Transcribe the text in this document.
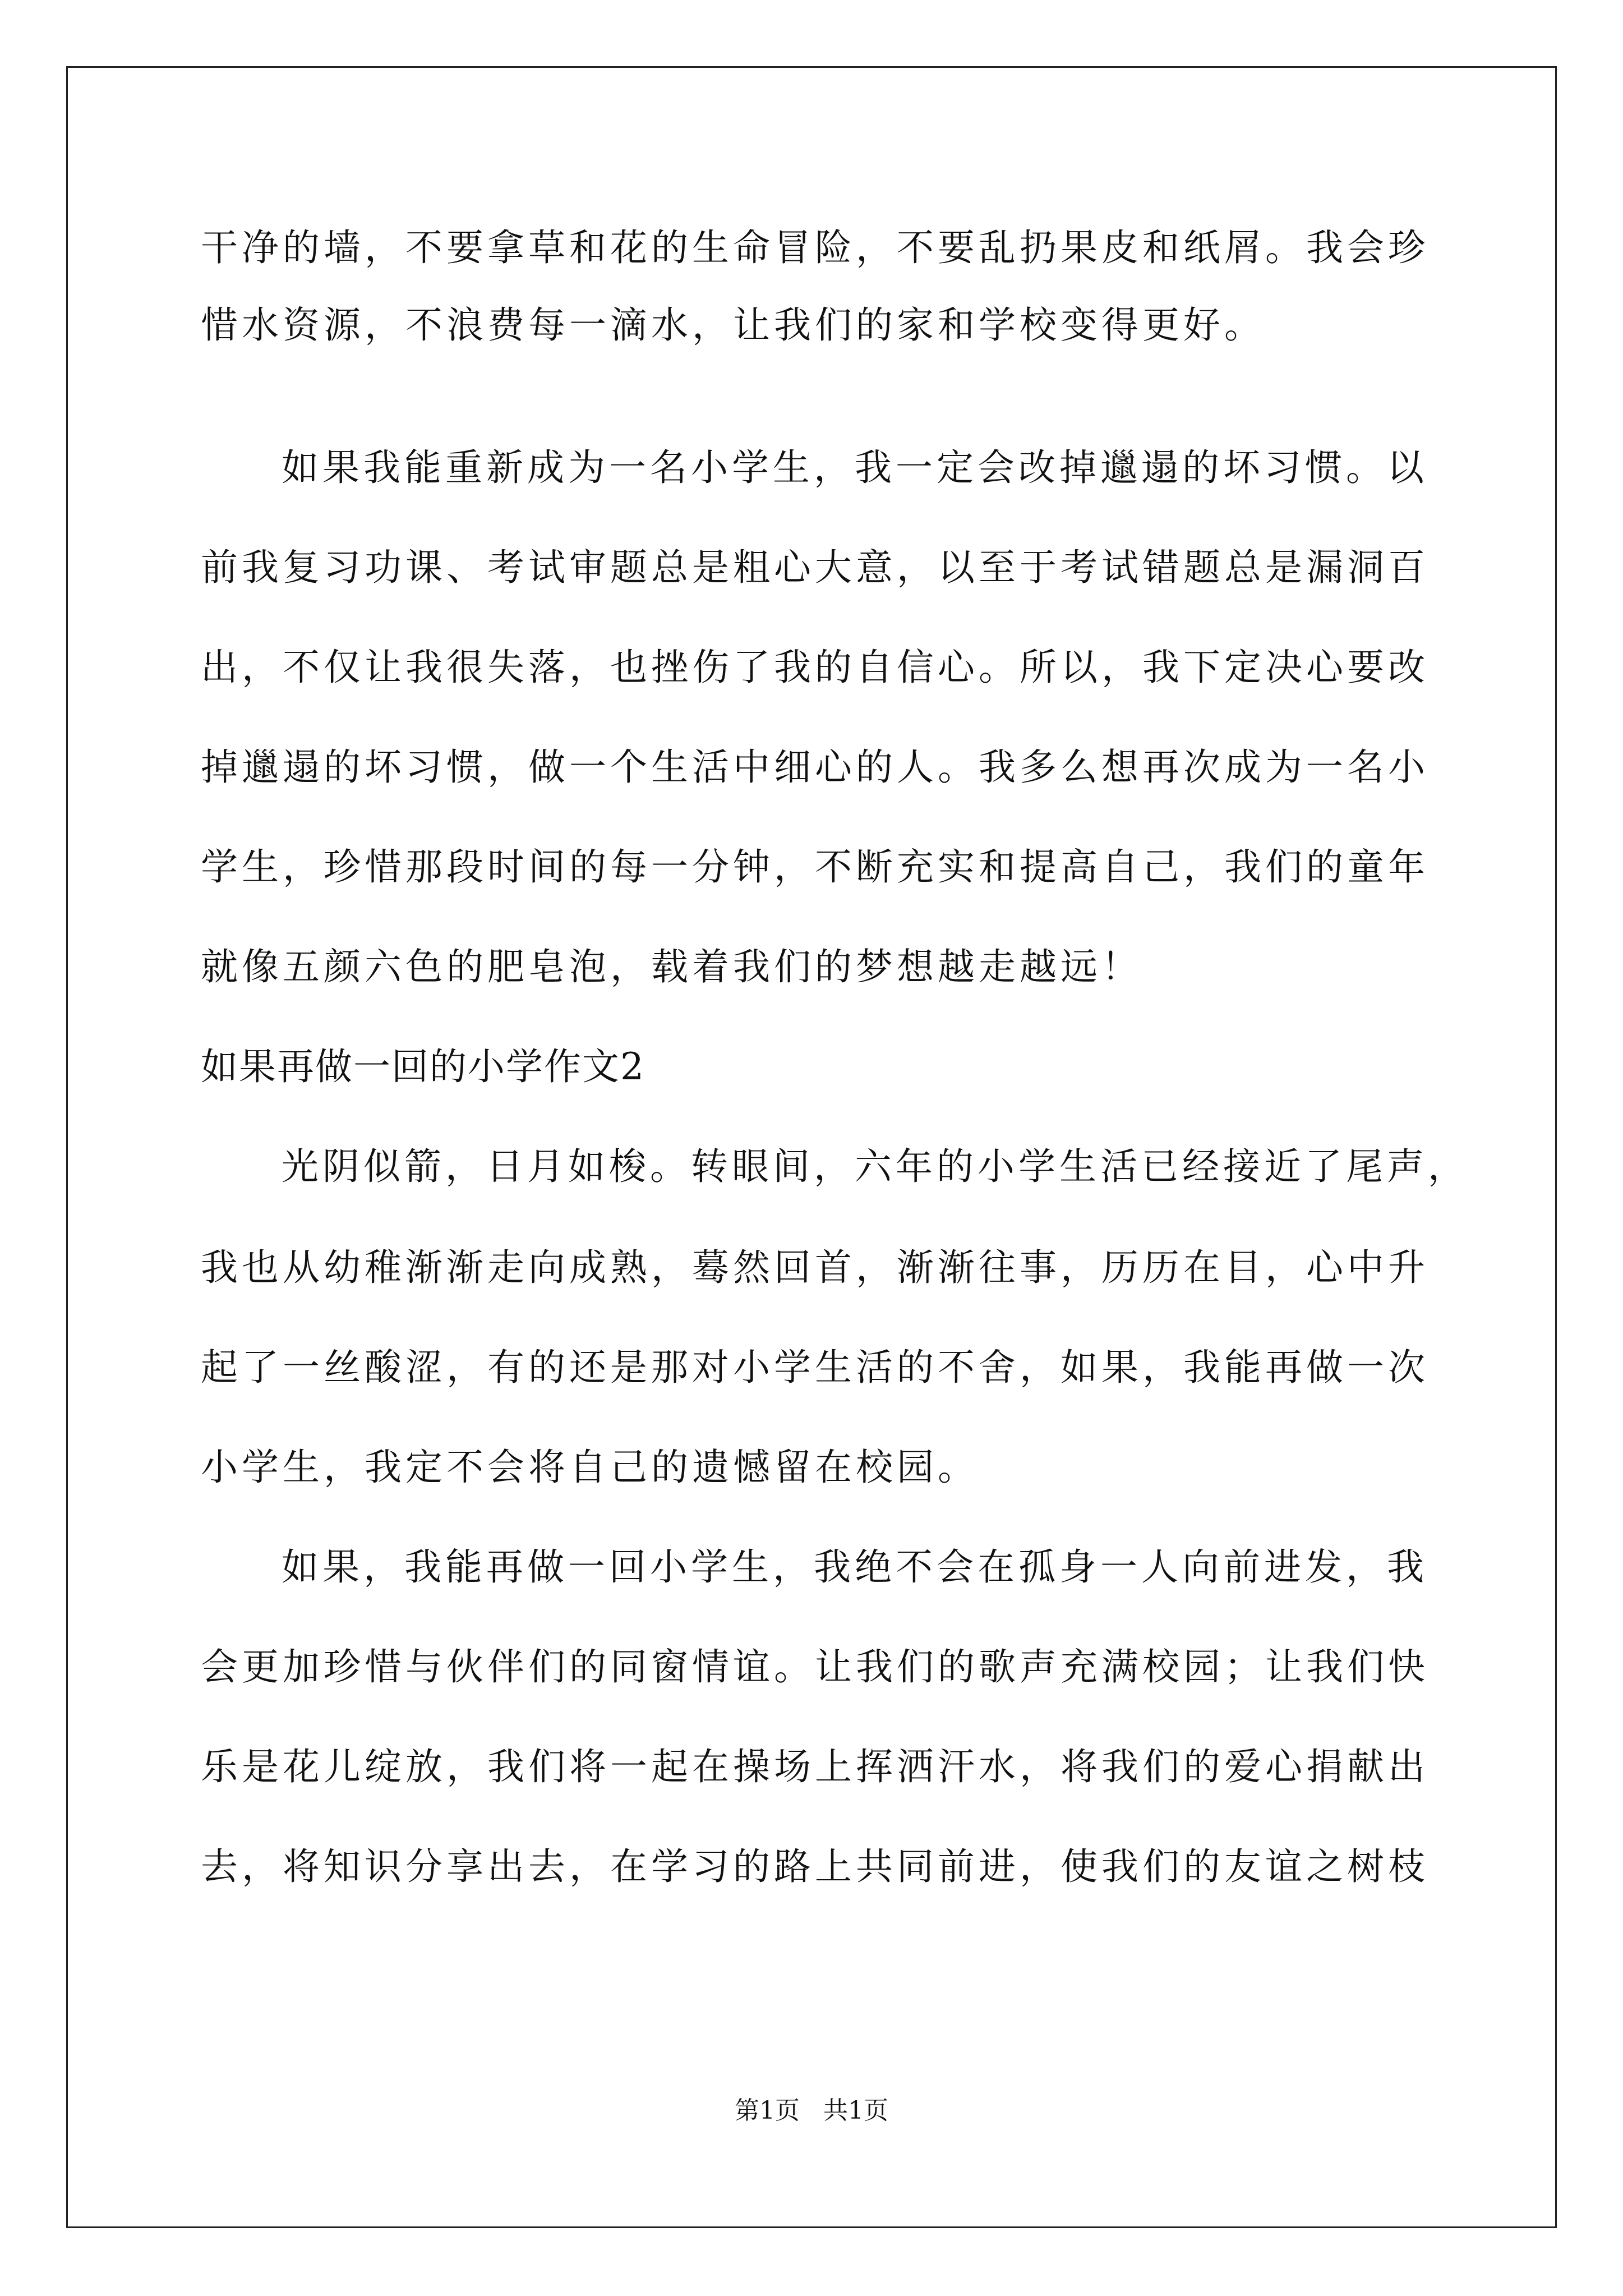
干净的墙，不要拿草和花的生命冒险，不要乱扔果皮和纸屑。我会珍
惜水资源，不浪费每一滴水，让我们的家和学校变得更好。
如果我能重新成为一名小学生，我一定会改掉邋遢的坏习惯。以
前我复习功课、考试审题总是粗心大意，以至于考试错题总是漏洞百
出，不仅让我很失落，也挫伤了我的自信心。所以，我下定决心要改
掉邋遢的坏习惯，做一个生活中细心的人。我多么想再次成为一名小
学生，珍惜那段时间的每一分钟，不断充实和提高自己，我们的童年
就像五颜六色的肥皂泡，载着我们的梦想越走越远！
如果再做一回的小学作文2
光阴似箭，日月如梭。转眼间，六年的小学生活已经接近了尾声，
我也从幼稚渐渐走向成熟，蓦然回首，渐渐往事，历历在目，心中升
起了一丝酸涩，有的还是那对小学生活的不舍，如果，我能再做一次
小学生，我定不会将自己的遗憾留在校园。
如果，我能再做一回小学生，我绝不会在孤身一人向前进发，我
会更加珍惜与伙伴们的同窗情谊。让我们的歌声充满校园；让我们快
乐是花儿绽放，我们将一起在操场上挥洒汗水，将我们的爱心捐献出
去，将知识分享出去，在学习的路上共同前进，使我们的友谊之树枝
第1页 共1页
